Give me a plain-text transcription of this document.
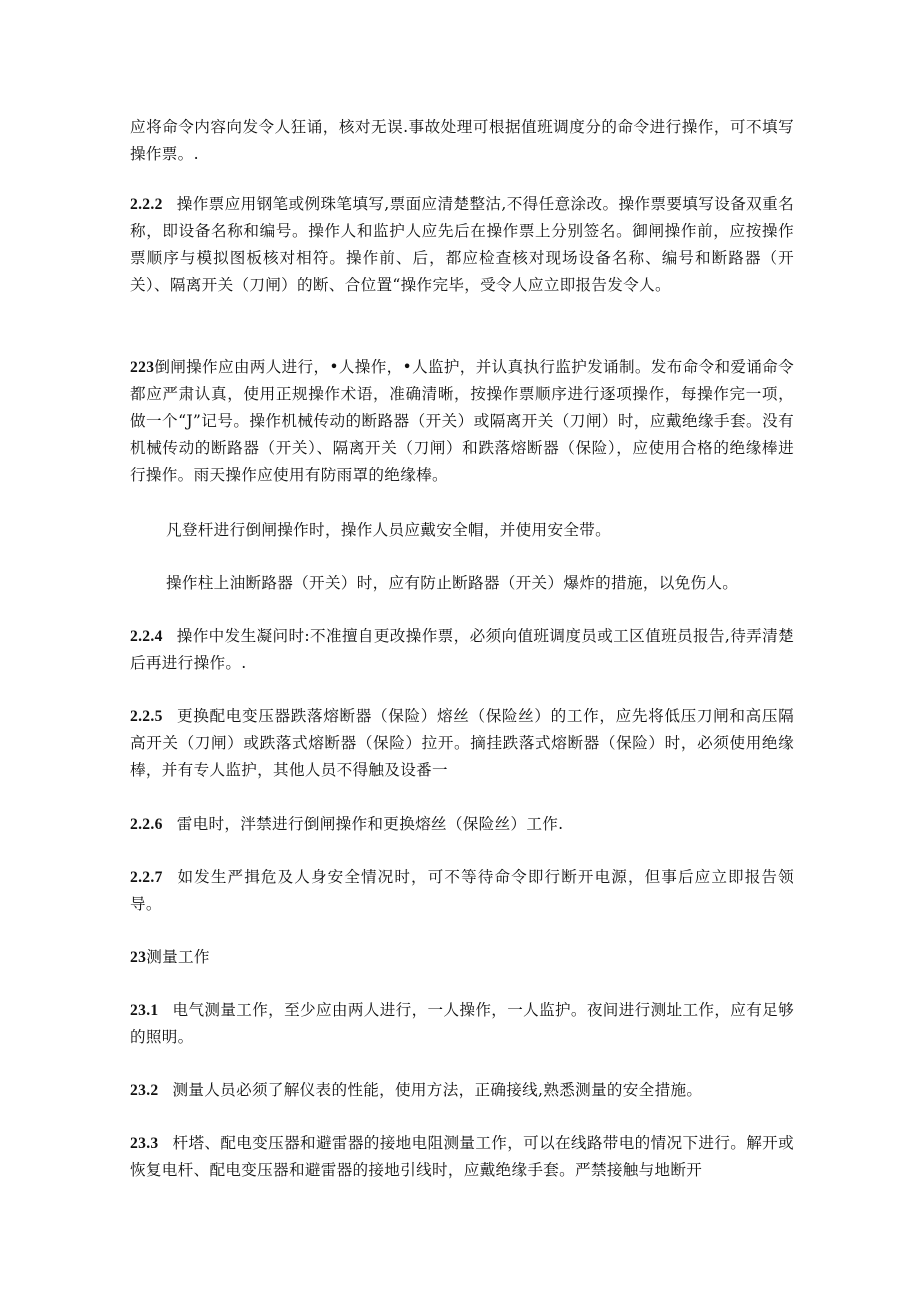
应将命令内容向发令人狂诵，核对无误.事故处理可根据值班调度分的命令进行操作，可不填写操作票。.

2.2.2 操作票应用钢笔或例珠笔填写,票面应清楚整沽,不得任意涂改。操作票要填写设备双重名称，即设备名称和编号。操作人和监护人应先后在操作票上分别签名。御闸操作前，应按操作票顺序与模拟图板核对相符。操作前、后，都应检查核对现场设备名称、编号和断路器（开关）、隔离开关（刀闸）的断、合位置“操作完毕，受令人应立即报告发令人。

223倒闸操作应由两人进行，•人操作，•人监护，并认真执行监护发诵制。发布命令和爱诵命令都应严肃认真，使用正规操作术语，准确清晰，按操作票顺序进行逐项操作，每操作完一项，做一个“J”记号。操作机械传动的断路器（开关）或隔离开关（刀闸）时，应戴绝缘手套。没有机械传动的断路器（开关）、隔离开关（刀闸）和跌落熔断器（保险），应使用合格的绝缘棒进行操作。雨天操作应使用有防雨罩的绝缘棒。

凡登杆进行倒闸操作时，操作人员应戴安全帽，并使用安全带。

操作柱上油断路器（开关）时，应有防止断路器（开关）爆炸的措施，以免伤人。

2.2.4 操作中发生凝问时:不准擅自更改操作票，必须向值班调度员或工区值班员报告,待弄清楚后再进行操作。.

2.2.5 更换配电变压器跌落熔断器（保险）熔丝（保险丝）的工作，应先将低压刀闸和高压隔高开关（刀闸）或跌落式熔断器（保险）拉开。摘挂跌落式熔断器（保险）时，必须使用绝缘棒，并有专人监护，其他人员不得触及设番一

2.2.6 雷电时，泮禁进行倒闸操作和更换熔丝（保险丝）工作.

2.2.7 如发生严揖危及人身安全情况时，可不等待命令即行断开电源，但事后应立即报告领导。

23测量工作

23.1 电气测量工作，至少应由两人进行，一人操作，一人监护。夜间进行测址工作，应有足够的照明。

23.2 测量人员必须了解仪表的性能，使用方法，正确接线,熟悉测量的安全措施。

23.3 杆塔、配电变压器和避雷器的接地电阻测量工作，可以在线路带电的情况下进行。解开或恢复电杆、配电变压器和避雷器的接地引线时，应戴绝缘手套。严禁接触与地断开
